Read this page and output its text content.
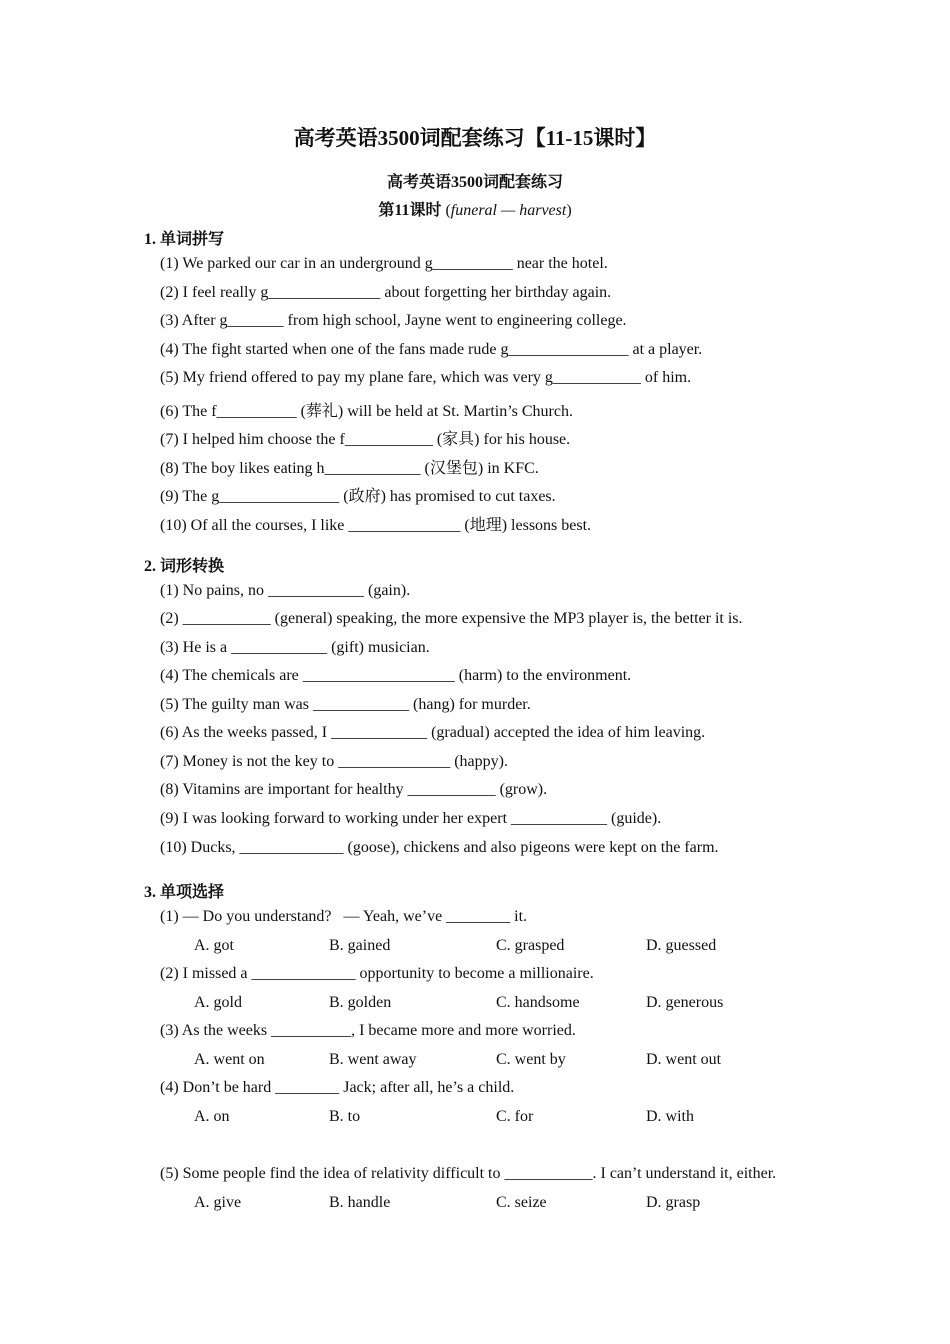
高考英语3500词配套练习【11-15课时】
高考英语3500词配套练习
第11课时 (funeral — harvest)
1. 单词拼写
(1) We parked our car in an underground g__________ near the hotel.
(2) I feel really g______________ about forgetting her birthday again.
(3) After g_______ from high school, Jayne went to engineering college.
(4) The fight started when one of the fans made rude g_______________ at a player.
(5) My friend offered to pay my plane fare, which was very g___________ of him.
(6) The f__________ (葬礼) will be held at St. Martin’s Church.
(7) I helped him choose the f___________ (家具) for his house.
(8) The boy likes eating h____________ (汉堡包) in KFC.
(9) The g_______________ (政府) has promised to cut taxes.
(10) Of all the courses, I like ______________ (地理) lessons best.
2. 词形转换
(1) No pains, no ____________ (gain).
(2) ___________ (general) speaking, the more expensive the MP3 player is, the better it is.
(3) He is a ____________ (gift) musician.
(4) The chemicals are ___________________ (harm) to the environment.
(5) The guilty man was ____________ (hang) for murder.
(6) As the weeks passed, I ____________ (gradual) accepted the idea of him leaving.
(7) Money is not the key to ______________ (happy).
(8) Vitamins are important for healthy ___________ (grow).
(9) I was looking forward to working under her expert ____________ (guide).
(10) Ducks, _____________ (goose), chickens and also pigeons were kept on the farm.
3. 单项选择
(1) — Do you understand?   — Yeah, we’ve ________ it.
A. got	B. gained	C. grasped	D. guessed
(2) I missed a _____________ opportunity to become a millionaire.
A. gold	B. golden	C. handsome	D. generous
(3) As the weeks __________, I became more and more worried.
A. went on	B. went away	C. went by	D. went out
(4) Don’t be hard ________ Jack; after all, he’s a child.
A. on	B. to	C. for	D. with
(5) Some people find the idea of relativity difficult to ___________. I can’t understand it, either.
A. give	B. handle	C. seize	D. grasp
